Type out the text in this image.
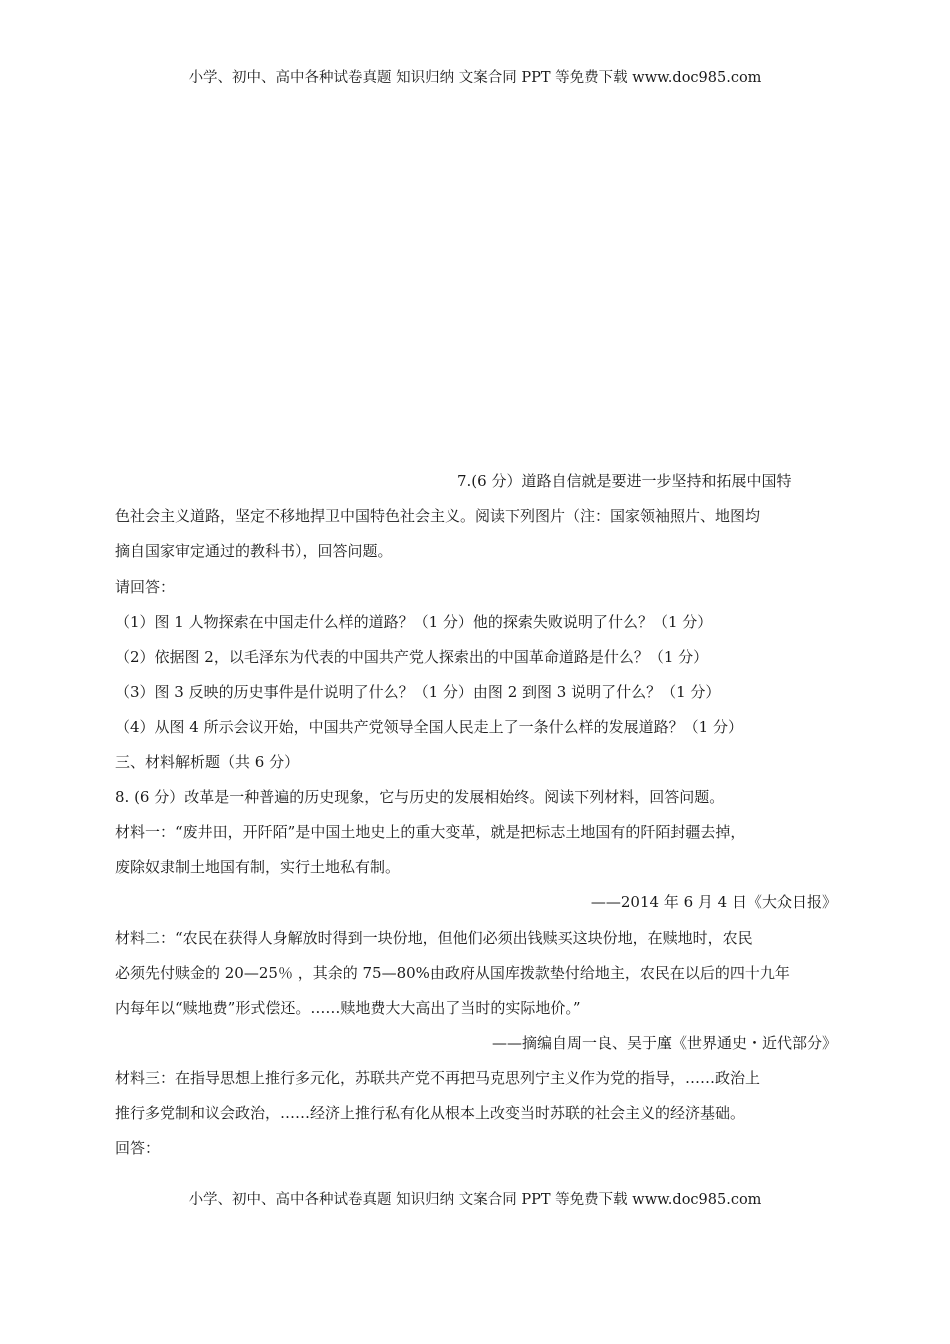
小学、初中、高中各种试卷真题 知识归纳 文案合同 PPT 等免费下载 www.doc985.com
7.(6 分）道路自信就是要进一步坚持和拓展中国特
色社会主义道路，坚定不移地捍卫中国特色社会主义。阅读下列图片（注：国家领袖照片、地图均
摘自国家审定通过的教科书），回答问题。
请回答：
（1）图 1 人物探索在中国走什么样的道路？（1 分）他的探索失败说明了什么？（1 分）
（2）依据图 2，以毛泽东为代表的中国共产党人探索出的中国革命道路是什么？（1 分）
（3）图 3 反映的历史事件是什说明了什么？（1 分）由图 2 到图 3 说明了什么？（1 分）
（4）从图 4 所示会议开始，中国共产党领导全国人民走上了一条什么样的发展道路？（1 分）
三、材料解析题（共 6 分）
8. (6 分）改革是一种普遍的历史现象，它与历史的发展相始终。阅读下列材料，回答问题。
材料一：“废井田，开阡陌”是中国土地史上的重大变革，就是把标志土地国有的阡陌封疆去掉，
废除奴隶制土地国有制，实行土地私有制。
——2014 年 6 月 4 日《大众日报》
材料二：“农民在获得人身解放时得到一块份地，但他们必须出钱赎买这块份地，在赎地时，农民
必须先付赎金的 20—25％ ，其余的 75—80%由政府从国库拨款垫付给地主，农民在以后的四十九年
内每年以“赎地费”形式偿还。……赎地费大大高出了当时的实际地价。”
——摘编自周一良、吴于廑《世界通史・近代部分》
材料三：在指导思想上推行多元化，苏联共产党不再把马克思列宁主义作为党的指导，……政治上
推行多党制和议会政治，……经济上推行私有化从根本上改变当时苏联的社会主义的经济基础。
回答：
小学、初中、高中各种试卷真题 知识归纳 文案合同 PPT 等免费下载 www.doc985.com
